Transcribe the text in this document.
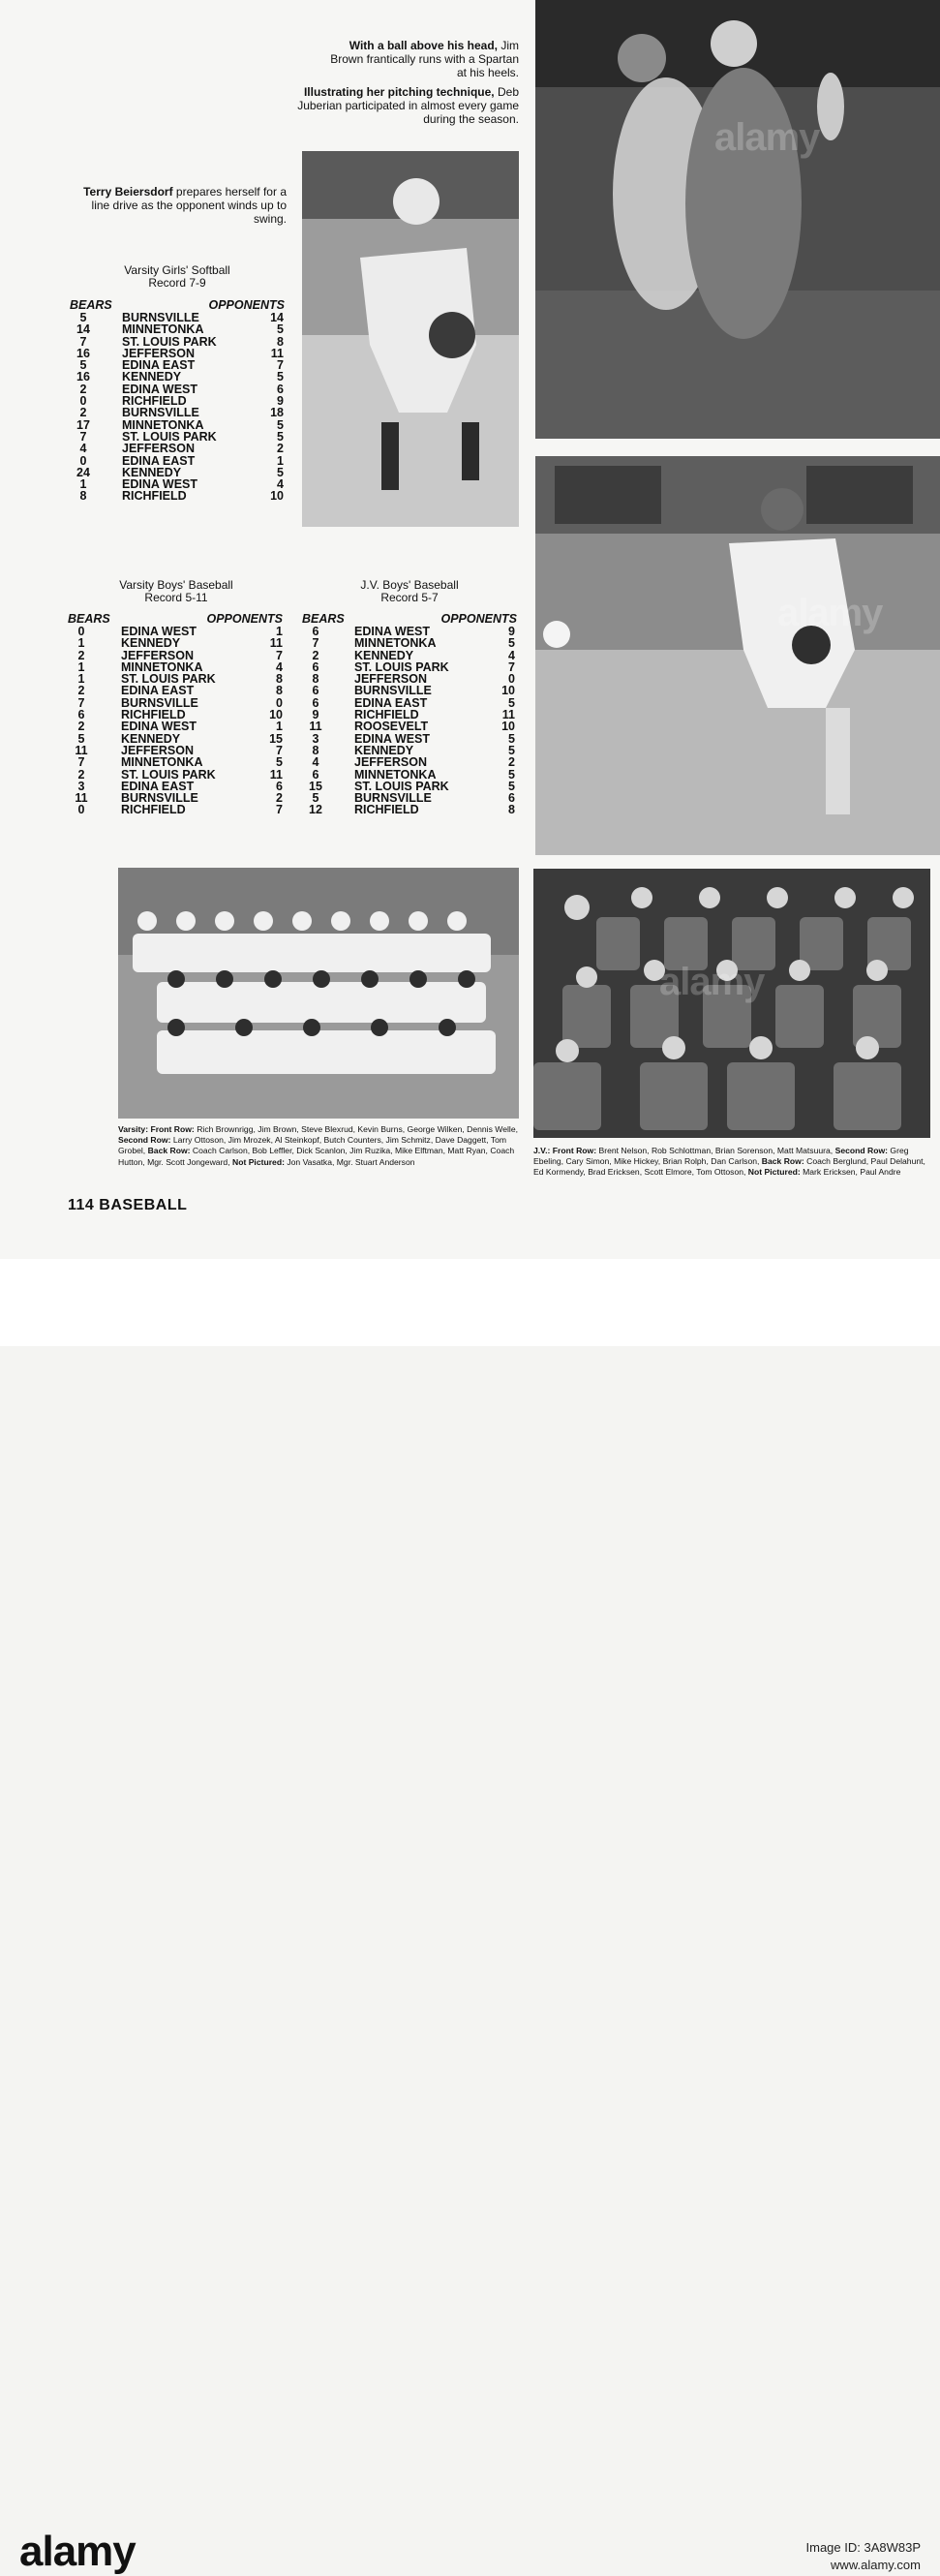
alamy
With a ball above his head, Jim Brown frantically runs with a Spartan at his heels.
Illustrating her pitching technique, Deb Juberian participated in almost every game during the season.
Terry Beiersdorf prepares herself for a line drive as the opponent winds up to swing.
Varsity Girls' Softball
Record 7-9
BEARS	OPPONENTS
5	BURNSVILLE	14
14	MINNETONKA	5
7	ST. LOUIS PARK	8
16	JEFFERSON	11
5	EDINA EAST	7
16	KENNEDY	5
2	EDINA WEST	6
0	RICHFIELD	9
2	BURNSVILLE	18
17	MINNETONKA	5
7	ST. LOUIS PARK	5
4	JEFFERSON	2
0	EDINA EAST	1
24	KENNEDY	5
1	EDINA WEST	4
8	RICHFIELD	10
alamy
Varsity Boys' Baseball
Record 5-11
BEARS	OPPONENTS
0	EDINA WEST	1
1	KENNEDY	11
2	JEFFERSON	7
1	MINNETONKA	4
1	ST. LOUIS PARK	8
2	EDINA EAST	8
7	BURNSVILLE	0
6	RICHFIELD	10
2	EDINA WEST	1
5	KENNEDY	15
11	JEFFERSON	7
7	MINNETONKA	5
2	ST. LOUIS PARK	11
3	EDINA EAST	6
11	BURNSVILLE	2
0	RICHFIELD	7
J.V. Boys' Baseball
Record 5-7
BEARS	OPPONENTS
6	EDINA WEST	9
7	MINNETONKA	5
2	KENNEDY	4
6	ST. LOUIS PARK	7
8	JEFFERSON	0
6	BURNSVILLE	10
6	EDINA EAST	5
9	RICHFIELD	11
11	ROOSEVELT	10
3	EDINA WEST	5
8	KENNEDY	5
4	JEFFERSON	2
6	MINNETONKA	5
15	ST. LOUIS PARK	5
5	BURNSVILLE	6
12	RICHFIELD	8
alamy
Varsity: Front Row: Rich Brownrigg, Jim Brown, Steve Blexrud, Kevin Burns, George Wilken, Dennis Welle, Second Row: Larry Ottoson, Jim Mrozek, Al Steinkopf, Butch Counters, Jim Schmitz, Dave Daggett, Tom Grobel, Back Row: Coach Carlson, Bob Leffler, Dick Scanlon, Jim Ruzika, Mike Elftman, Matt Ryan, Coach Hutton, Mgr. Scott Jongeward, Not Pictured: Jon Vasatka, Mgr. Stuart Anderson
J.V.: Front Row: Brent Nelson, Rob Schlottman, Brian Sorenson, Matt Matsuura, Second Row: Greg Ebeling, Cary Simon, Mike Hickey, Brian Rolph, Dan Carlson, Back Row: Coach Berglund, Paul Delahunt, Ed Kormendy, Brad Ericksen, Scott Elmore, Tom Ottoson, Not Pictured: Mark Ericksen, Paul Andre
114 BASEBALL
alamy	Image ID: 3A8W83P
www.alamy.com
